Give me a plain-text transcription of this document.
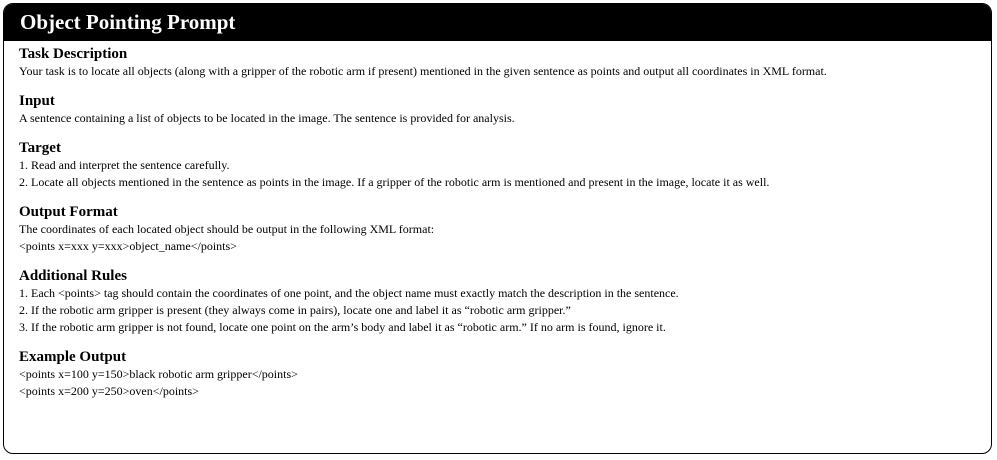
Object Pointing Prompt
Task Description
Your task is to locate all objects (along with a gripper of the robotic arm if present) mentioned in the given sentence as points and output all coordinates in XML format.
Input
A sentence containing a list of objects to be located in the image. The sentence is provided for analysis.
Target
1. Read and interpret the sentence carefully.
2. Locate all objects mentioned in the sentence as points in the image. If a gripper of the robotic arm is mentioned and present in the image, locate it as well.
Output Format
The coordinates of each located object should be output in the following XML format:
<points x=xxx y=xxx>object_name</points>
Additional Rules
1. Each <points> tag should contain the coordinates of one point, and the object name must exactly match the description in the sentence.
2. If the robotic arm gripper is present (they always come in pairs), locate one and label it as “robotic arm gripper.”
3. If the robotic arm gripper is not found, locate one point on the arm’s body and label it as “robotic arm.” If no arm is found, ignore it.
Example Output
<points x=100 y=150>black robotic arm gripper</points>
<points x=200 y=250>oven</points>
